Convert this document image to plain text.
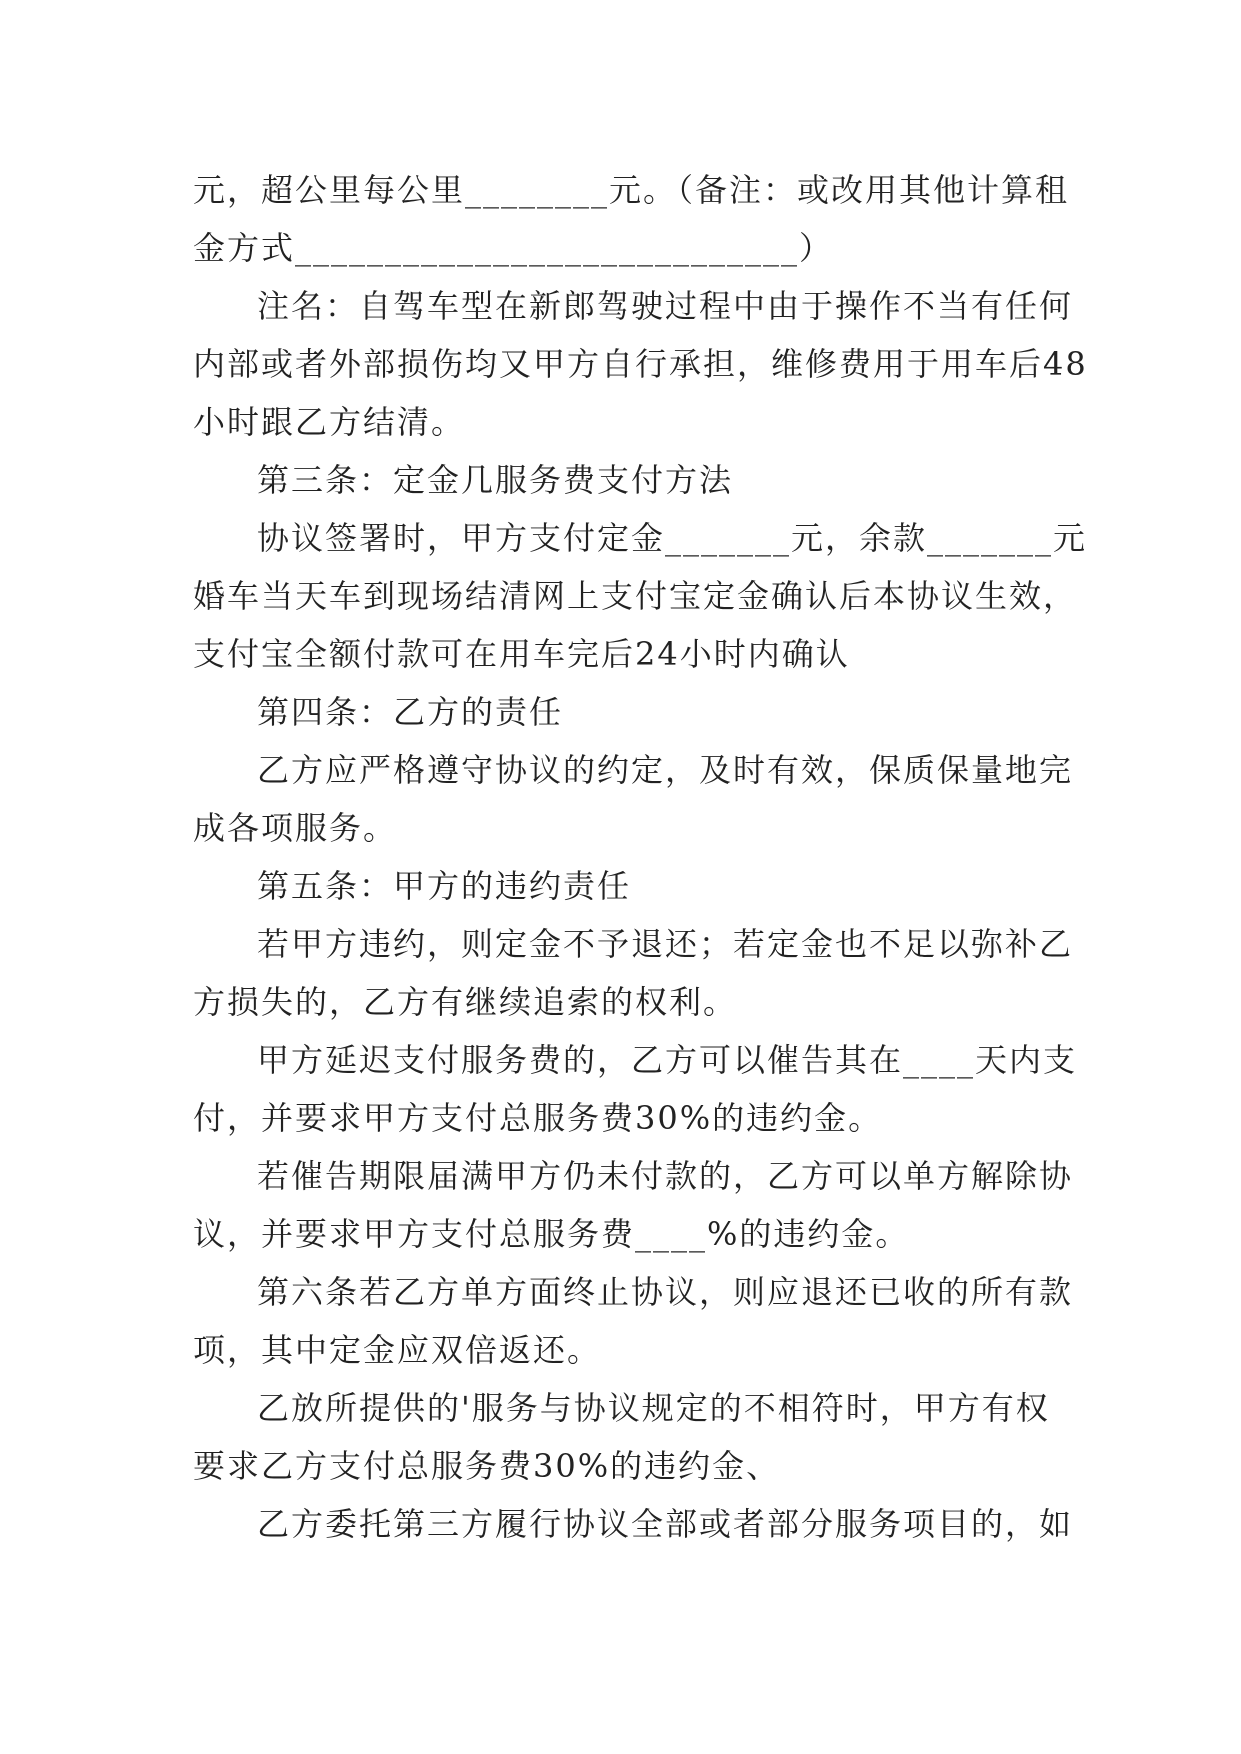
元，超公里每公里________元。（备注：或改用其他计算租
金方式____________________________）
注名：自驾车型在新郎驾驶过程中由于操作不当有任何
内部或者外部损伤均又甲方自行承担，维修费用于用车后48
小时跟乙方结清。
第三条：定金几服务费支付方法
协议签署时，甲方支付定金_______元，余款_______元
婚车当天车到现场结清网上支付宝定金确认后本协议生效，
支付宝全额付款可在用车完后24小时内确认
第四条：乙方的责任
乙方应严格遵守协议的约定，及时有效，保质保量地完
成各项服务。
第五条：甲方的违约责任
若甲方违约，则定金不予退还；若定金也不足以弥补乙
方损失的，乙方有继续追索的权利。
甲方延迟支付服务费的，乙方可以催告其在____天内支
付，并要求甲方支付总服务费30%的违约金。
若催告期限届满甲方仍未付款的，乙方可以单方解除协
议，并要求甲方支付总服务费____%的违约金。
第六条若乙方单方面终止协议，则应退还已收的所有款
项，其中定金应双倍返还。
乙放所提供的'服务与协议规定的不相符时，甲方有权
要求乙方支付总服务费30%的违约金、
乙方委托第三方履行协议全部或者部分服务项目的，如
